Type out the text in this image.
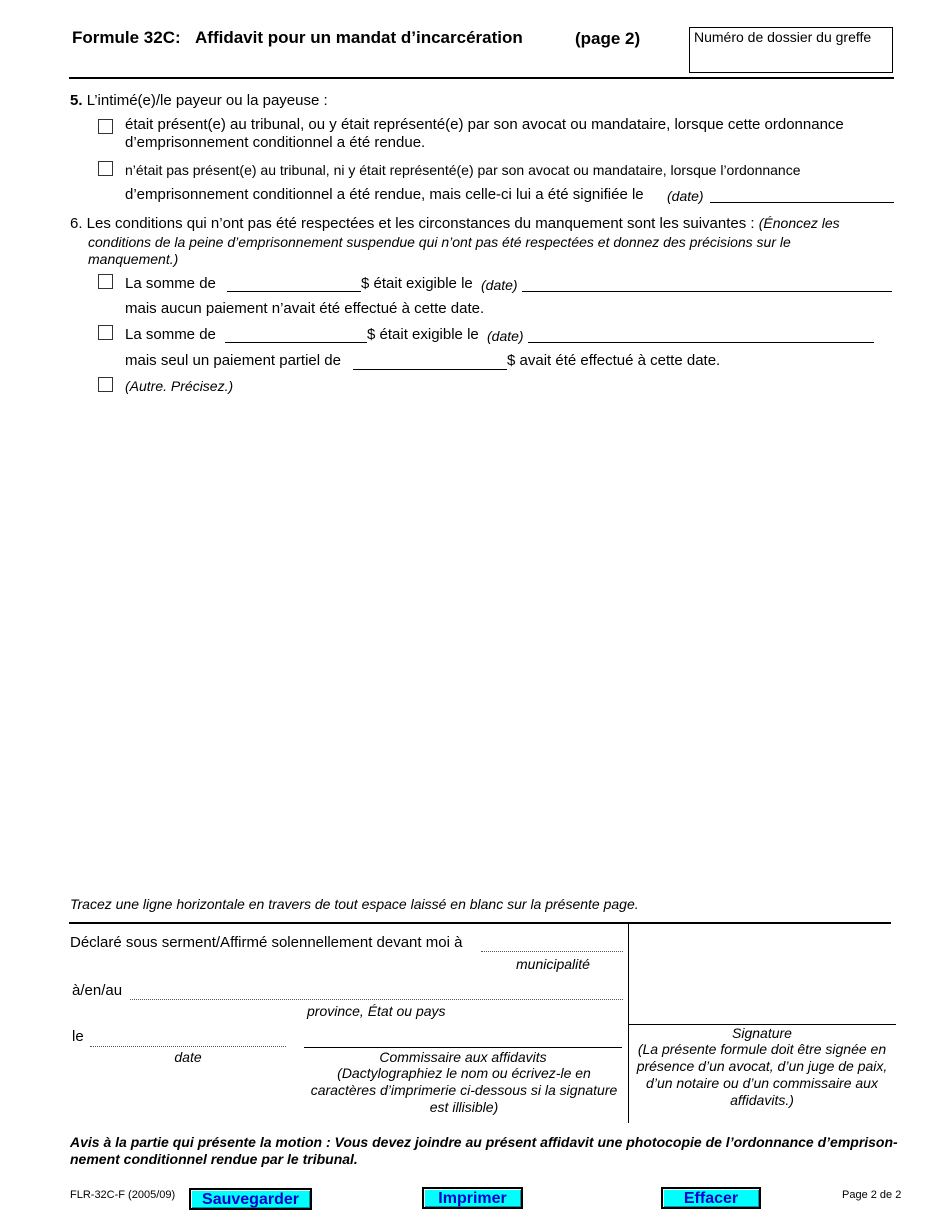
Formule 32C: Affidavit pour un mandat d’incarcération	(page 2)	Numéro de dossier du greffe
5. L’intimé(e)/le payeur ou la payeuse :
était présent(e) au tribunal, ou y était représenté(e) par son avocat ou mandataire, lorsque cette ordonnance
d’emprisonnement conditionnel a été rendue.
n’était pas présent(e) au tribunal, ni y était représenté(e) par son avocat ou mandataire, lorsque l’ordonnance
d’emprisonnement conditionnel a été rendue, mais celle-ci lui a été signifiée le (date)
6. Les conditions qui n’ont pas été respectées et les circonstances du manquement sont les suivantes : (Énoncez les
conditions de la peine d’emprisonnement suspendue qui n’ont pas été respectées et donnez des précisions sur le
manquement.)
La somme de	$ était exigible le (date)
mais aucun paiement n’avait été effectué à cette date.
La somme de	$ était exigible le (date)
mais seul un paiement partiel de	$ avait été effectué à cette date.
(Autre. Précisez.)
Tracez une ligne horizontale en travers de tout espace laissé en blanc sur la présente page.
Déclaré sous serment/Affirmé solennellement devant moi à
municipalité
à/en/au
province, État ou pays
le
date	Commissaire aux affidavits
(Dactylographiez le nom ou écrivez-le en caractères d’imprimerie ci-dessous si la signature est illisible)
Signature
(La présente formule doit être signée en présence d’un avocat, d’un juge de paix, d’un notaire ou d’un commissaire aux affidavits.)
Avis à la partie qui présente la motion : Vous devez joindre au présent affidavit une photocopie de l’ordonnance d’emprison-
nement conditionnel rendue par le tribunal.
FLR-32C-F (2005/09)	Sauvegarder	Imprimer	Effacer	Page 2 de 2
